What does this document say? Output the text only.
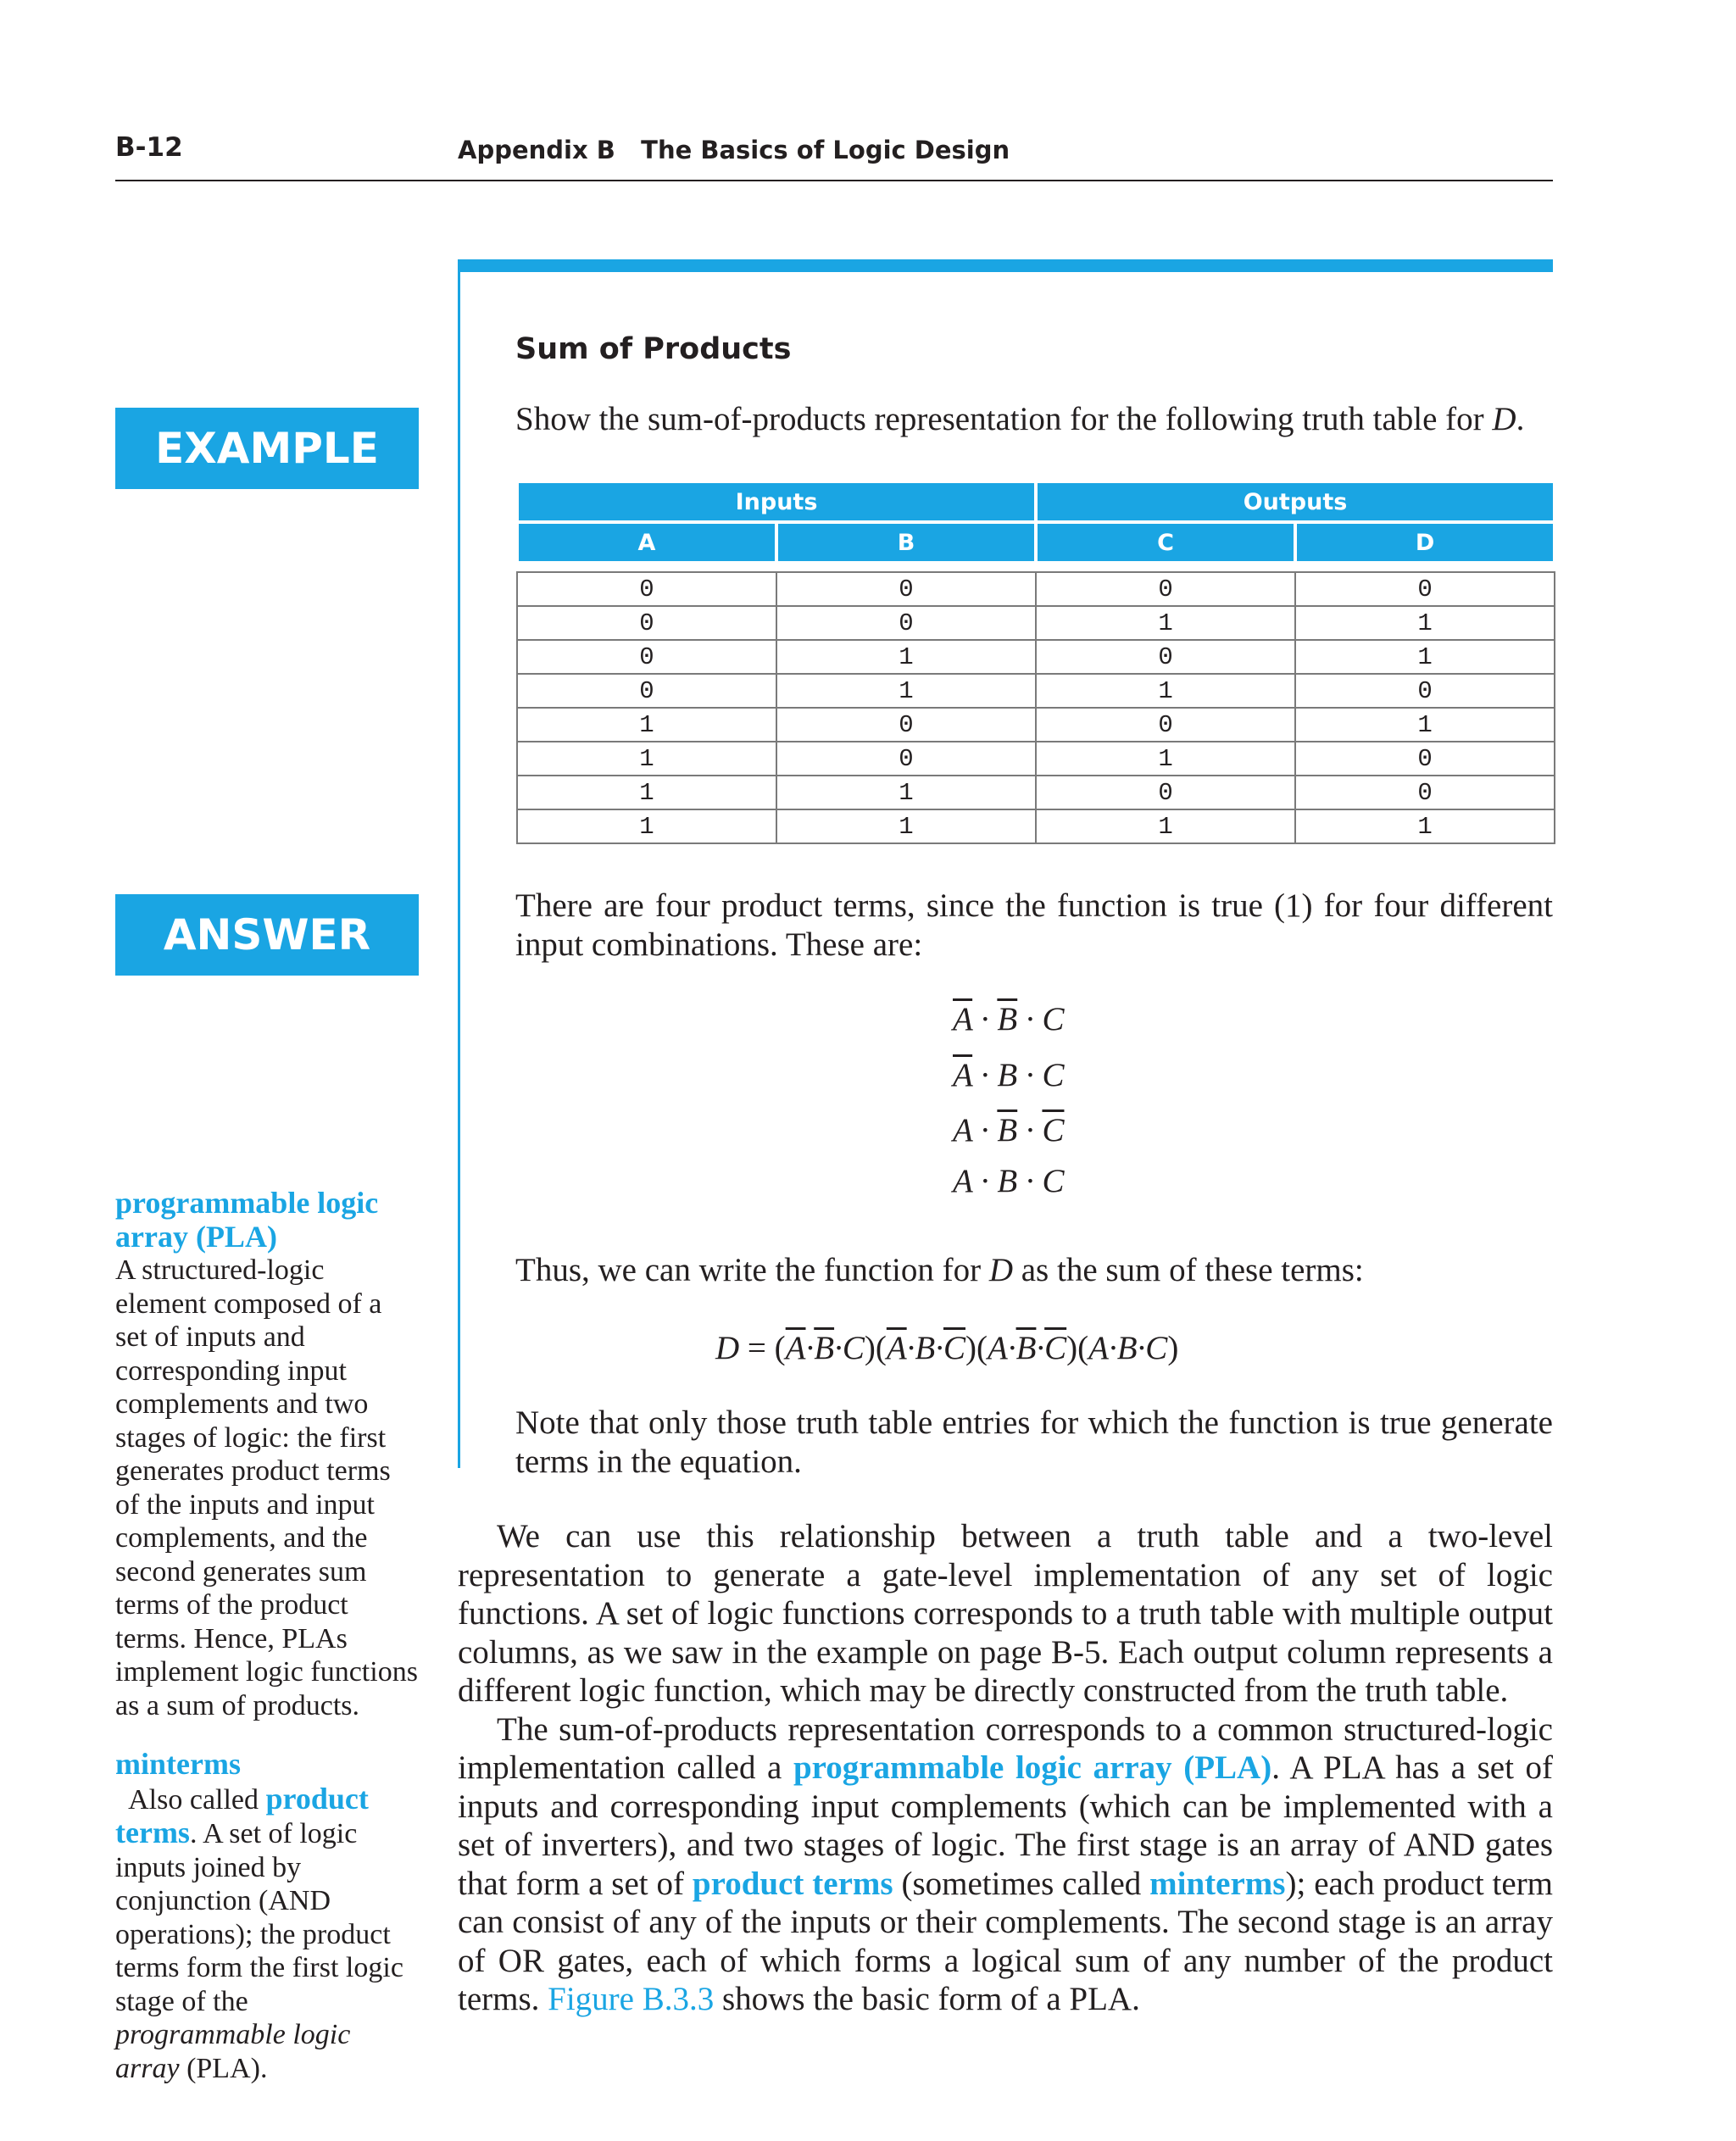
B-12	Appendix B   The Basics of Logic Design
EXAMPLE
Sum of Products
Show the sum-of-products representation for the following truth table for D.
Inputs		Outputs	
A	B	C	D

0	0	0	0
0	0	1	1
0	1	0	1
0	1	1	0
1	0	0	1
1	0	1	0
1	1	0	0
1	1	1	1
ANSWER
There are four product terms, since the function is true (1) for four different input combinations. These are:
$\overline{A} \cdot \overline{B} \cdot C$
$\overline{A} \cdot B \cdot C$
$A \cdot \overline{B} \cdot \overline{C}$
A · B · C
Thus, we can write the function for D as the sum of these terms:
$D = (\overline{A}\cdot\overline{B}\cdot C)(\overline{A}\cdot B\cdot\overline{C})(A\cdot\overline{B}\cdot\overline{C})(A\cdot B\cdot C)$
Note that only those truth table entries for which the function is true generate terms in the equation.

We can use this relationship between a truth table and a two-level representation to generate a gate-level implementation of any set of logic functions. A set of logic functions corresponds to a truth table with multiple output columns, as we saw in the example on page B-5. Each output column represents a different logic function, which may be directly constructed from the truth table.

The sum-of-products representation corresponds to a common structured-logic implementation called a programmable logic array (PLA). A PLA has a set of inputs and corresponding input complements (which can be implemented with a set of inverters), and two stages of logic. The first stage is an array of AND gates that form a set of product terms (sometimes called minterms); each product term can consist of any of the inputs or their complements. The second stage is an array of OR gates, each of which forms a logical sum of any number of the product terms. Figure B.3.3 shows the basic form of a PLA.

programmable logic array (PLA)
A structured-logic element composed of a set of inputs and corresponding input complements and two stages of logic: the first generates product terms of the inputs and input complements, and the second generates sum terms of the product terms. Hence, PLAs implement logic functions as a sum of products.
minterms  Also called product terms. A set of logic inputs joined by conjunction (AND operations); the product terms form the first logic stage of the programmable logic array (PLA).
